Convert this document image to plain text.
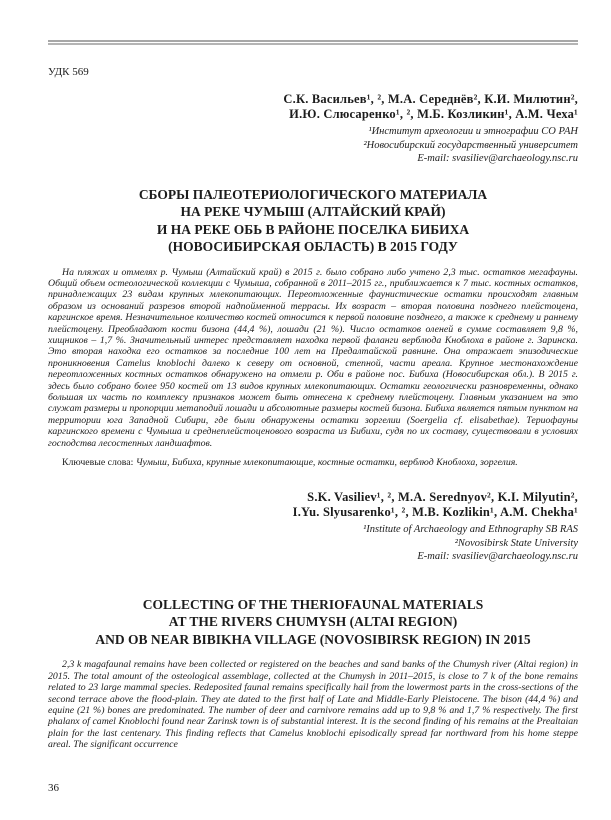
УДК 569
С.К. Васильев¹, ², М.А. Середнёв², К.И. Милютин²,
И.Ю. Слюсаренко¹, ², М.Б. Козликин¹, А.М. Чеха¹
¹Институт археологии и этнографии СО РАН
²Новосибирский государственный университет
E-mail: svasiliev@archaeology.nsc.ru
СБОРЫ ПАЛЕОТЕРИОЛОГИЧЕСКОГО МАТЕРИАЛА
НА РЕКЕ ЧУМЫШ (АЛТАЙСКИЙ КРАЙ)
И НА РЕКЕ ОБЬ В РАЙОНЕ ПОСЕЛКА БИБИХА
(НОВОСИБИРСКАЯ ОБЛАСТЬ) В 2015 ГОДУ
На пляжах и отмелях р. Чумыш (Алтайский край) в 2015 г. было собрано либо учтено 2,3 тыс. остатков мегафауны. Общий объем остеологической коллекции с Чумыша, собранной в 2011–2015 гг., приближается к 7 тыс. костных остатков, принадлежащих 23 видам крупных млекопитающих. Переотложенные фаунистические остатки происходят главным образом из оснований разрезов второй надпойменной террасы. Их возраст – вторая половина позднего плейстоцена, каргинское время. Незначительное количество костей относится к первой половине позднего, а также к среднему и раннему плейстоцену. Преобладают кости бизона (44,4 %), лошади (21 %). Число остатков оленей в сумме составляет 9,8 %, хищников – 1,7 %. Значительный интерес представляет находка первой фаланги верблюда Кноблоха в районе г. Заринска. Это вторая находка его остатков за последние 100 лет на Предалтайской равнине. Она отражает эпизодические проникновения Camelus knoblochi далеко к северу от основной, степной, части ареала. Крупное местонахождение переотложенных костных остатков обнаружено на отмели р. Оби в районе пос. Бибиха (Новосибирская обл.). В 2015 г. здесь было собрано более 950 костей от 13 видов крупных млекопитающих. Остатки геологически разновременны, однако большая их часть по комплексу признаков может быть отнесена к среднему плейстоцену. Главным указанием на это служат размеры и пропорции метаподий лошади и абсолютные размеры костей бизона. Бибиха является пятым пунктом на территории юга Западной Сибири, где были обнаружены остатки зоргелии (Soergelia cf. elisabethae). Териофауны каргинского времени с Чумыша и среднеплейстоценового возраста из Бибихи, судя по их составу, существовали в условиях господства лесостепных ландшафтов.
Ключевые слова: Чумыш, Бибиха, крупные млекопитающие, костные остатки, верблюд Кноблоха, зоргелия.
S.K. Vasiliev¹, ², M.A. Serednyov², K.I. Milyutin²,
I.Yu. Slyusarenko¹, ², M.B. Kozlikin¹, A.M. Chekha¹
¹Institute of Archaeology and Ethnography SB RAS
²Novosibirsk State University
E-mail: svasiliev@archaeology.nsc.ru
COLLECTING OF THE THERIOFAUNAL MATERIALS
AT THE RIVERS CHUMYSH (ALTAI REGION)
AND OB NEAR BIBIKHA VILLAGE (NOVOSIBIRSK REGION) IN 2015
2,3 k magafaunal remains have been collected or registered on the beaches and sand banks of the Chumysh river (Altai region) in 2015. The total amount of the osteological assemblage, collected at the Chumysh in 2011–2015, is close to 7 k of the bone remains related to 23 large mammal species. Redeposited faunal remains specifically hail from the lowermost parts in the cross-sections of the second terrace above the flood-plain. They ate dated to the first half of Late and Middle-Early Pleistocene. The bison (44,4 %) and equine (21 %) bones are predominated. The number of deer and carnivore remains add up to 9,8 % and 1,7 % respectively. The first phalanx of camel Knoblochi found near Zarinsk town is of substantial interest. It is the second finding of his remains at the Prealtaian plain for the last centenary. This finding reflects that Camelus knoblochi episodically spread far northward from his home steppe areal. The significant occurrence
36
